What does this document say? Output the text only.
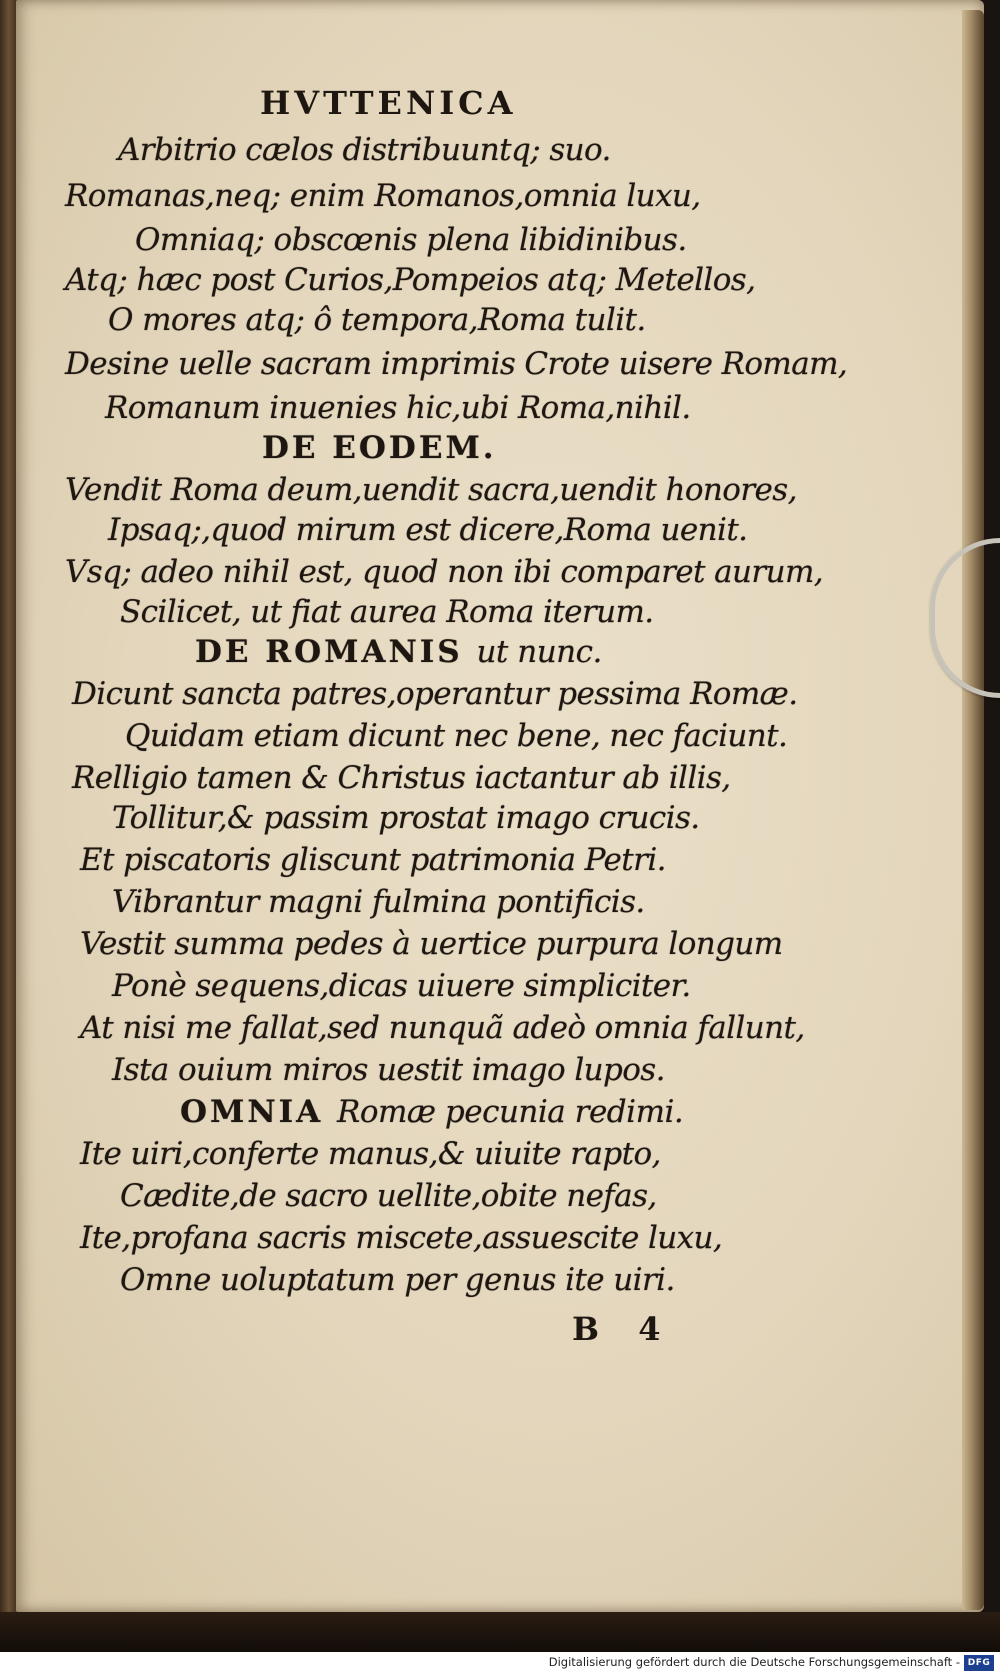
HVTTENICA
Arbitrio cælos distribuuntq; suo.
Romanas,neq; enim Romanos,omnia luxu,
Omniaq; obscœnis plena libidinibus.
Atq; hæc post Curios,Pompeios atq; Metellos,
O mores atq; ô tempora,Roma tulit.
Desine uelle sacram imprimis Crote uisere Romam,
Romanum inuenies hic,ubi Roma,nihil.
DE EODEM.
Vendit Roma deum,uendit sacra,uendit honores,
Ipsaq;,quod mirum est dicere,Roma uenit.
Vsq; adeo nihil est, quod non ibi comparet aurum,
Scilicet, ut fiat aurea Roma iterum.
DE ROMANIS ut nunc.
Dicunt sancta patres,operantur pessima Romæ.
Quidam etiam dicunt nec bene, nec faciunt.
Relligio tamen & Christus iactantur ab illis,
Tollitur,& passim prostat imago crucis.
Et piscatoris gliscunt patrimonia Petri.
Vibrantur magni fulmina pontificis.
Vestit summa pedes à uertice purpura longum
Ponè sequens,dicas uiuere simpliciter.
At nisi me fallat,sed nunquã adeò omnia fallunt,
Ista ouium miros uestit imago lupos.
OMNIA Romæ pecunia redimi.
Ite uiri,conferte manus,& uiuite rapto,
Cædite,de sacro uellite,obite nefas,
Ite,profana sacris miscete,assuescite luxu,
Omne uoluptatum per genus ite uiri.
B 4
Digitalisierung gefördert durch die Deutsche Forschungsgemeinschaft - DFG
